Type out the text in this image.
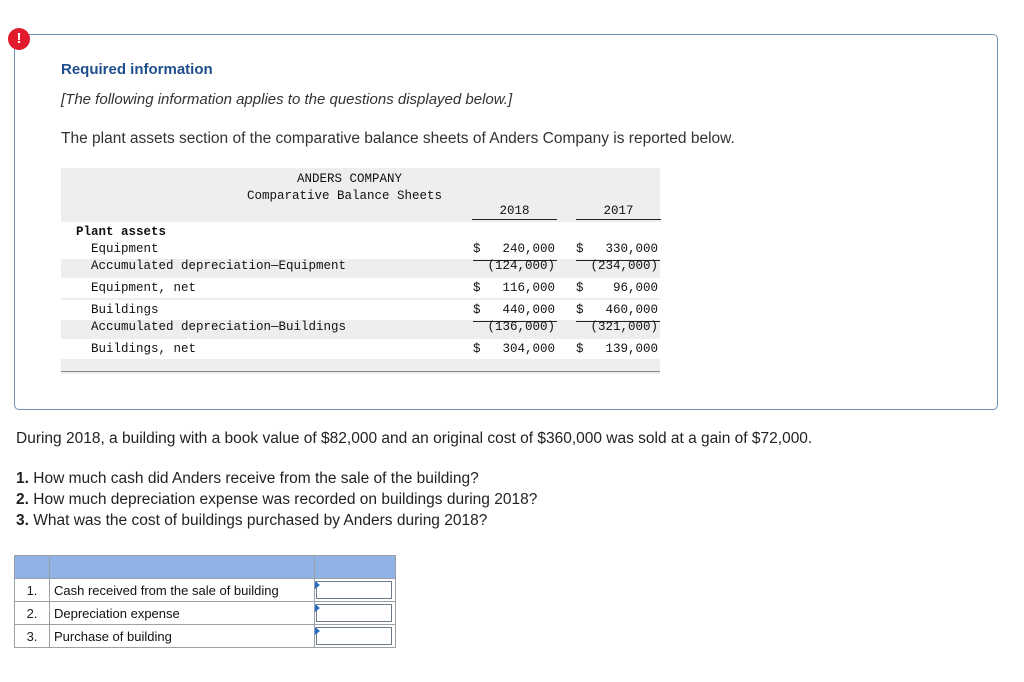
!
Required information
[The following information applies to the questions displayed below.]
The plant assets section of the comparative balance sheets of Anders Company is reported below.
ANDERS COMPANY
Comparative Balance Sheets
2018	2017
Plant assets
Equipment	$ 240,000 $ 330,000
Accumulated depreciation—Equipment	(124,000)	(234,000)
Equipment, net	$ 116,000 $ 96,000
Buildings	$ 440,000 $ 460,000
Accumulated depreciation—Buildings	(136,000)	(321,000)
Buildings, net	$ 304,000 $ 139,000
During 2018, a building with a book value of $82,000 and an original cost of $360,000 was sold at a gain of $72,000.
1. How much cash did Anders receive from the sale of the building?
2. How much depreciation expense was recorded on buildings during 2018?
3. What was the cost of buildings purchased by Anders during 2018?

1.	Cash received from the sale of building	

2.	Depreciation expense	

3.	Purchase of building	
